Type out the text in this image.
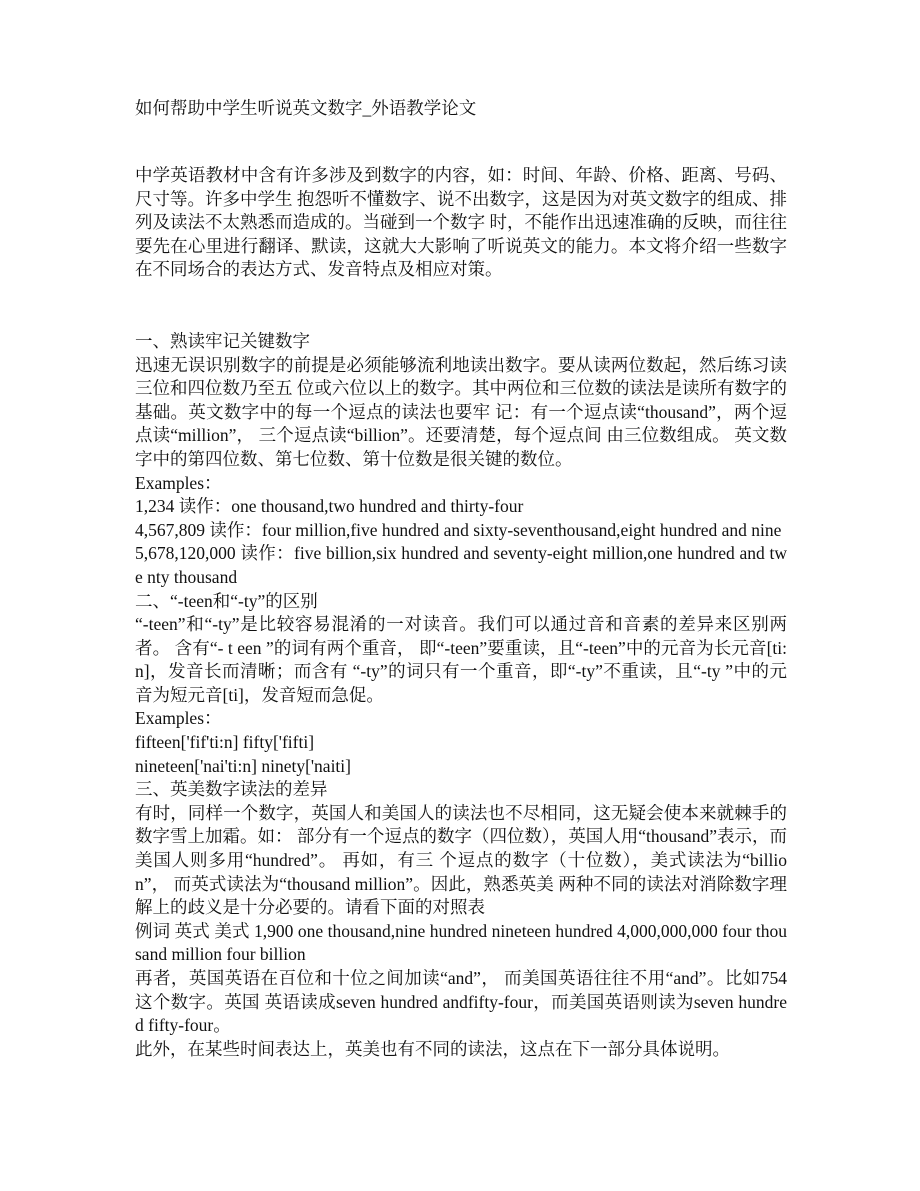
如何帮助中学生听说英文数字_外语教学论文

中学英语教材中含有许多涉及到数字的内容，如：时间、年龄、价格、距离、号码、尺寸等。许多中学生 抱怨听不懂数字、说不出数字，这是因为对英文数字的组成、排列及读法不太熟悉而造成的。当碰到一个数字 时，不能作出迅速准确的反映，而往往要先在心里进行翻译、默读，这就大大影响了听说英文的能力。本文将介绍一些数字在不同场合的表达方式、发音特点及相应对策。

一、熟读牢记关键数字

迅速无误识别数字的前提是必须能够流利地读出数字。要从读两位数起，然后练习读三位和四位数乃至五 位或六位以上的数字。其中两位和三位数的读法是读所有数字的基础。英文数字中的每一个逗点的读法也要牢 记：有一个逗点读“thousand”，两个逗点读“million”， 三个逗点读“billion”。还要清楚，每个逗点间 由三位数组成。 英文数字中的第四位数、第七位数、第十位数是很关键的数位。

Examples：

1,234 读作：one thousand,two hundred and thirty-four

4,567,809 读作：four million,five hundred and sixty-seventhousand,eight hundred and nine

5,678,120,000 读作：five billion,six hundred and seventy-eight million,one hundred and twe nty thousand

二、“-teen和“-ty”的区别

“-teen”和“-ty”是比较容易混淆的一对读音。我们可以通过音和音素的差异来区别两者。 含有“- t een ”的词有两个重音， 即“-teen”要重读，且“-teen”中的元音为长元音[ti:n]，发音长而清晰；而含有 “-ty”的词只有一个重音，即“-ty”不重读，且“-ty ”中的元音为短元音[ti]，发音短而急促。

Examples：

fifteen['fif'ti:n] fifty['fifti]

nineteen['nai'ti:n] ninety['naiti]

三、英美数字读法的差异

有时，同样一个数字，英国人和美国人的读法也不尽相同，这无疑会使本来就棘手的数字雪上加霜。如： 部分有一个逗点的数字（四位数），英国人用“thousand”表示，而美国人则多用“hundred”。 再如，有三 个逗点的数字（十位数），美式读法为“billion”， 而英式读法为“thousand million”。因此，熟悉英美 两种不同的读法对消除数字理解上的歧义是十分必要的。请看下面的对照表

例词 英式 美式 1,900 one thousand,nine hundred nineteen hundred 4,000,000,000 four thousand million four billion

再者，英国英语在百位和十位之间加读“and”， 而美国英语往往不用“and”。比如754这个数字。英国 英语读成seven hundred andfifty-four，而美国英语则读为seven hundred fifty-four。

此外，在某些时间表达上，英美也有不同的读法，这点在下一部分具体说明。
